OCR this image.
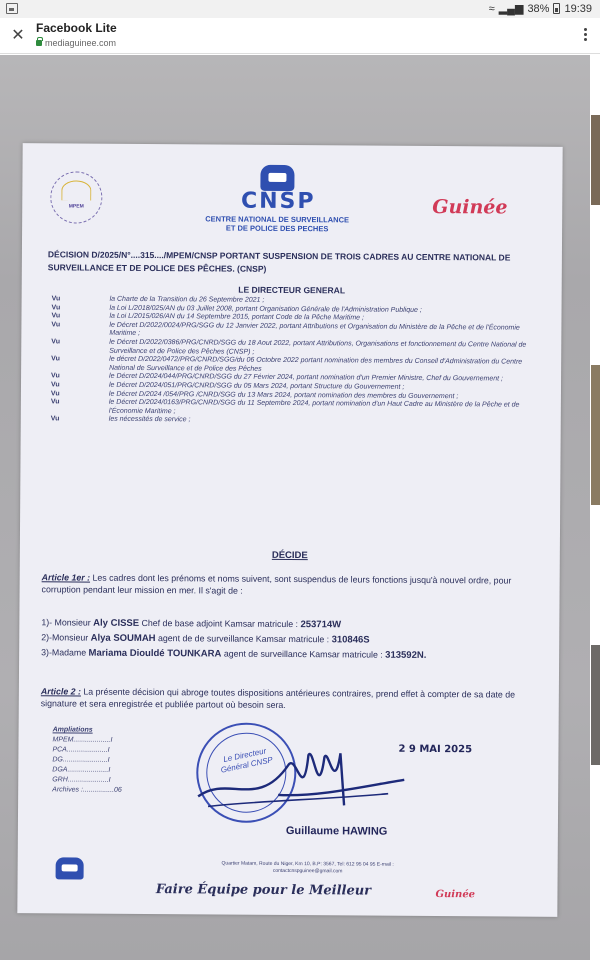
≈ ▂▄▆ 38% 19:39
✕ Facebook Lite
mediaguinee.com
MPEM	CNSP
CENTRE NATIONAL DE SURVEILLANCE
ET DE POLICE DES PECHES
Guinée
DÉCISION D/2025/N°....315..../MPEM/CNSP PORTANT SUSPENSION DE TROIS CADRES AU CENTRE NATIONAL DE SURVEILLANCE ET DE POLICE DES PÊCHES. (CNSP)
LE DIRECTEUR GENERAL
Vu	la Charte de la Transition du 26 Septembre 2021 ;
Vu	la Loi L/2018/025/AN du 03 Juillet 2008, portant Organisation Générale de l'Administration Publique ;
Vu	la Loi L/2015/026/AN du 14 Septembre 2015, portant Code de la Pêche Maritime ;
Vu	le Décret D/2022/0024/PRG/SGG du 12 Janvier 2022, portant Attributions et Organisation du Ministère de la Pêche et de l'Économie Maritime ;
Vu	le Décret D/2022/0386/PRG/CNRD/SGG du 18 Aout 2022, portant Attributions, Organisations et fonctionnement du Centre National de Surveillance et de Police des Pêches (CNSP) ;
Vu	le décret D/2022/0472/PRG/CNRD/SGG/du 06 Octobre 2022 portant nomination des membres du Conseil d'Administration du Centre National de Surveillance et de Police des Pêches
Vu	le Décret D/2024/044/PRG/CNRD/SGG du 27 Février 2024, portant nomination d'un Premier Ministre, Chef du Gouvernement ;
Vu	le Décret D/2024/051/PRG/CNRD/SGG du 05 Mars 2024, portant Structure du Gouvernement ;
Vu	le Décret D/2024 /054/PRG /CNRD/SGG du 13 Mars 2024, portant nomination des membres du Gouvernement ;
Vu	le Décret D/2024/0163/PRG/CNRD/SGG du 11 Septembre 2024, portant nomination d'un Haut Cadre au Ministère de la Pêche et de l'Économie Maritime ;
Vu	les nécessités de service ;
DÉCIDE
Article 1er : Les cadres dont les prénoms et noms suivent, sont suspendus de leurs fonctions jusqu'à nouvel ordre, pour corruption pendant leur mission en mer. Il s'agit de :
1)- Monsieur Aly CISSE Chef de base adjoint Kamsar matricule : 253714W
2)-Monsieur Alya SOUMAH agent de de surveillance Kamsar matricule : 310846S
3)-Madame Mariama Diouldé TOUNKARA agent de surveillance Kamsar matricule : 313592N.
Article 2 : La présente décision qui abroge toutes dispositions antérieures contraires, prend effet à compter de sa date de signature et sera enregistrée et publiée partout où besoin sera.
Ampliations
MPEM...................I
PCA.....................I
DG.......................I
DGA.....................I
GRH.....................I
Archives :................06
Le Directeur Général CNSP
2 9 MAI 2025
Guillaume HAWING
Quartier Matam, Route du Niger, Km 10, B.P: 3567, Tel: 612 95 04 95 E-mail : contactcnspguinee@gmail.com
Faire Équipe pour le Meilleur	Guinée
